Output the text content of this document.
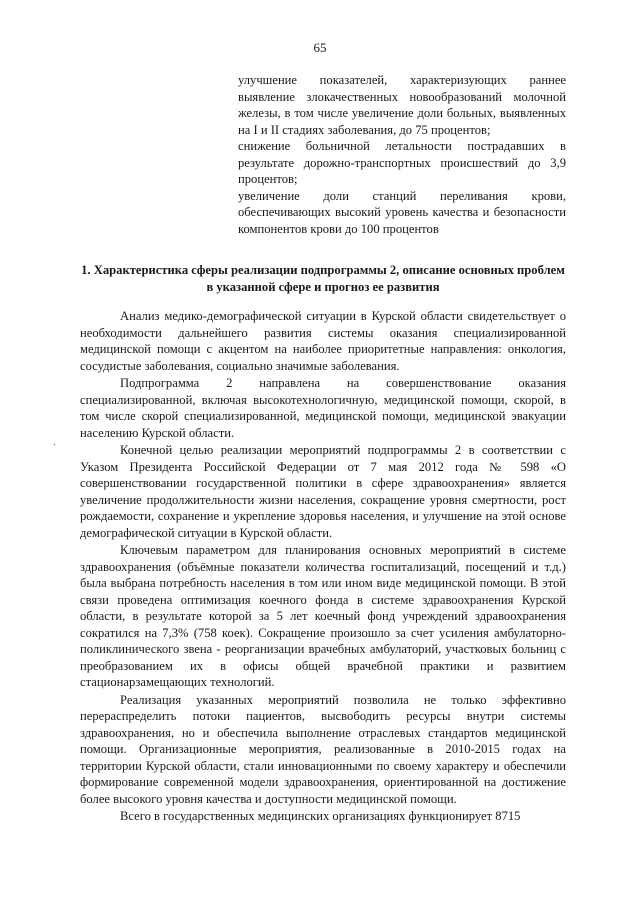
65

улучшение показателей, характеризующих раннее выявление злокачественных новообразований молочной железы, в том числе увеличение доли больных, выявленных на I и II стадиях заболевания, до 75 процентов;

снижение больничной летальности пострадавших в результате дорожно-транспортных происшествий до 3,9 процентов;

увеличение доли станций переливания крови, обеспечивающих высокий уровень качества и безопасности компонентов крови до 100 процентов

1. Характеристика сферы реализации подпрограммы 2, описание основных проблем в указанной сфере и прогноз ее развития
·

Анализ медико-демографической ситуации в Курской области свидетельствует о необходимости дальнейшего развития системы оказания специализированной медицинской помощи с акцентом на наиболее приоритетные направления: онкология, сосудистые заболевания, социально значимые заболевания.

Подпрограмма 2 направлена на совершенствование оказания специализированной, включая высокотехнологичную, медицинской помощи, скорой, в том числе скорой специализированной, медицинской помощи, медицинской эвакуации населению Курской области.

Конечной целью реализации мероприятий подпрограммы 2 в соответствии с Указом Президента Российской Федерации от 7 мая 2012 года № 598 «О совершенствовании государственной политики в сфере здравоохранения» является увеличение продолжительности жизни населения, сокращение уровня смертности, рост рождаемости, сохранение и укрепление здоровья населения, и улучшение на этой основе демографической ситуации в Курской области.

Ключевым параметром для планирования основных мероприятий в системе здравоохранения (объёмные показатели количества госпитализаций, посещений и т.д.) была выбрана потребность населения в том или ином виде медицинской помощи. В этой связи проведена оптимизация коечного фонда в системе здравоохранения Курской области, в результате которой за 5 лет коечный фонд учреждений здравоохранения сократился на 7,3% (758 коек). Сокращение произошло за счет усиления амбулаторно-поликлинического звена - реорганизации врачебных амбулаторий, участковых больниц с преобразованием их в офисы общей врачебной практики и развитием стационарзамещающих технологий.

Реализация указанных мероприятий позволила не только эффективно перераспределить потоки пациентов, высвободить ресурсы внутри системы здравоохранения, но и обеспечила выполнение отраслевых стандартов медицинской помощи. Организационные мероприятия, реализованные в 2010-2015 годах на территории Курской области, стали инновационными по своему характеру и обеспечили формирование современной модели здравоохранения, ориентированной на достижение более высокого уровня качества и доступности медицинской помощи.

Всего в государственных медицинских организациях функционирует 8715
